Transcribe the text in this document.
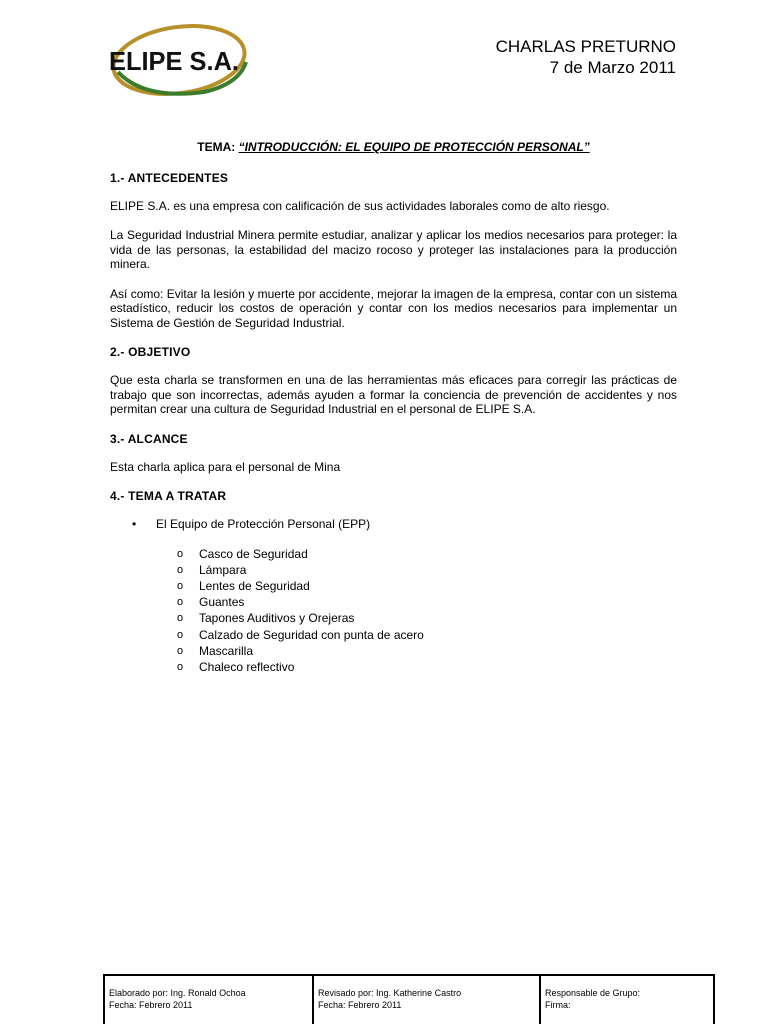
ELIPE S.A.	CHARLAS PRETURNO
7 de Marzo 2011
TEMA: “INTRODUCCIÓN: EL EQUIPO DE PROTECCIÓN PERSONAL”
1.- ANTECEDENTES

ELIPE S.A. es una empresa con calificación de sus actividades laborales como de alto riesgo.

La Seguridad Industrial Minera permite estudiar, analizar y aplicar los medios necesarios para proteger: la vida de las personas, la estabilidad del macizo rocoso y proteger las instalaciones para la producción minera.

Así como: Evitar la lesión y muerte por accidente, mejorar la imagen de la empresa, contar con un sistema estadístico, reducir los costos de operación y contar con los medios necesarios para implementar un Sistema de Gestión de Seguridad Industrial.

2.- OBJETIVO

Que esta charla se transformen en una de las herramientas más eficaces para corregir las prácticas de trabajo que son incorrectas, además ayuden a formar la conciencia de prevención de accidentes y nos permitan crear una cultura de Seguridad Industrial en el personal de ELIPE S.A.

3.- ALCANCE

Esta charla aplica para el personal de Mina

4.- TEMA A TRATAR
• El Equipo de Protección Personal (EPP)
o Casco de Seguridad
o Lámpara
o Lentes de Seguridad
o Guantes
o Tapones Auditivos y Orejeras
o Calzado de Seguridad con punta de acero
o Mascarilla
o Chaleco reflectivo
Elaborado por: Ing. Ronald Ochoa
Fecha: Febrero 2011
Revisado por: Ing. Katherine Castro
Fecha: Febrero 2011
Responsable de Grupo:
Firma:
